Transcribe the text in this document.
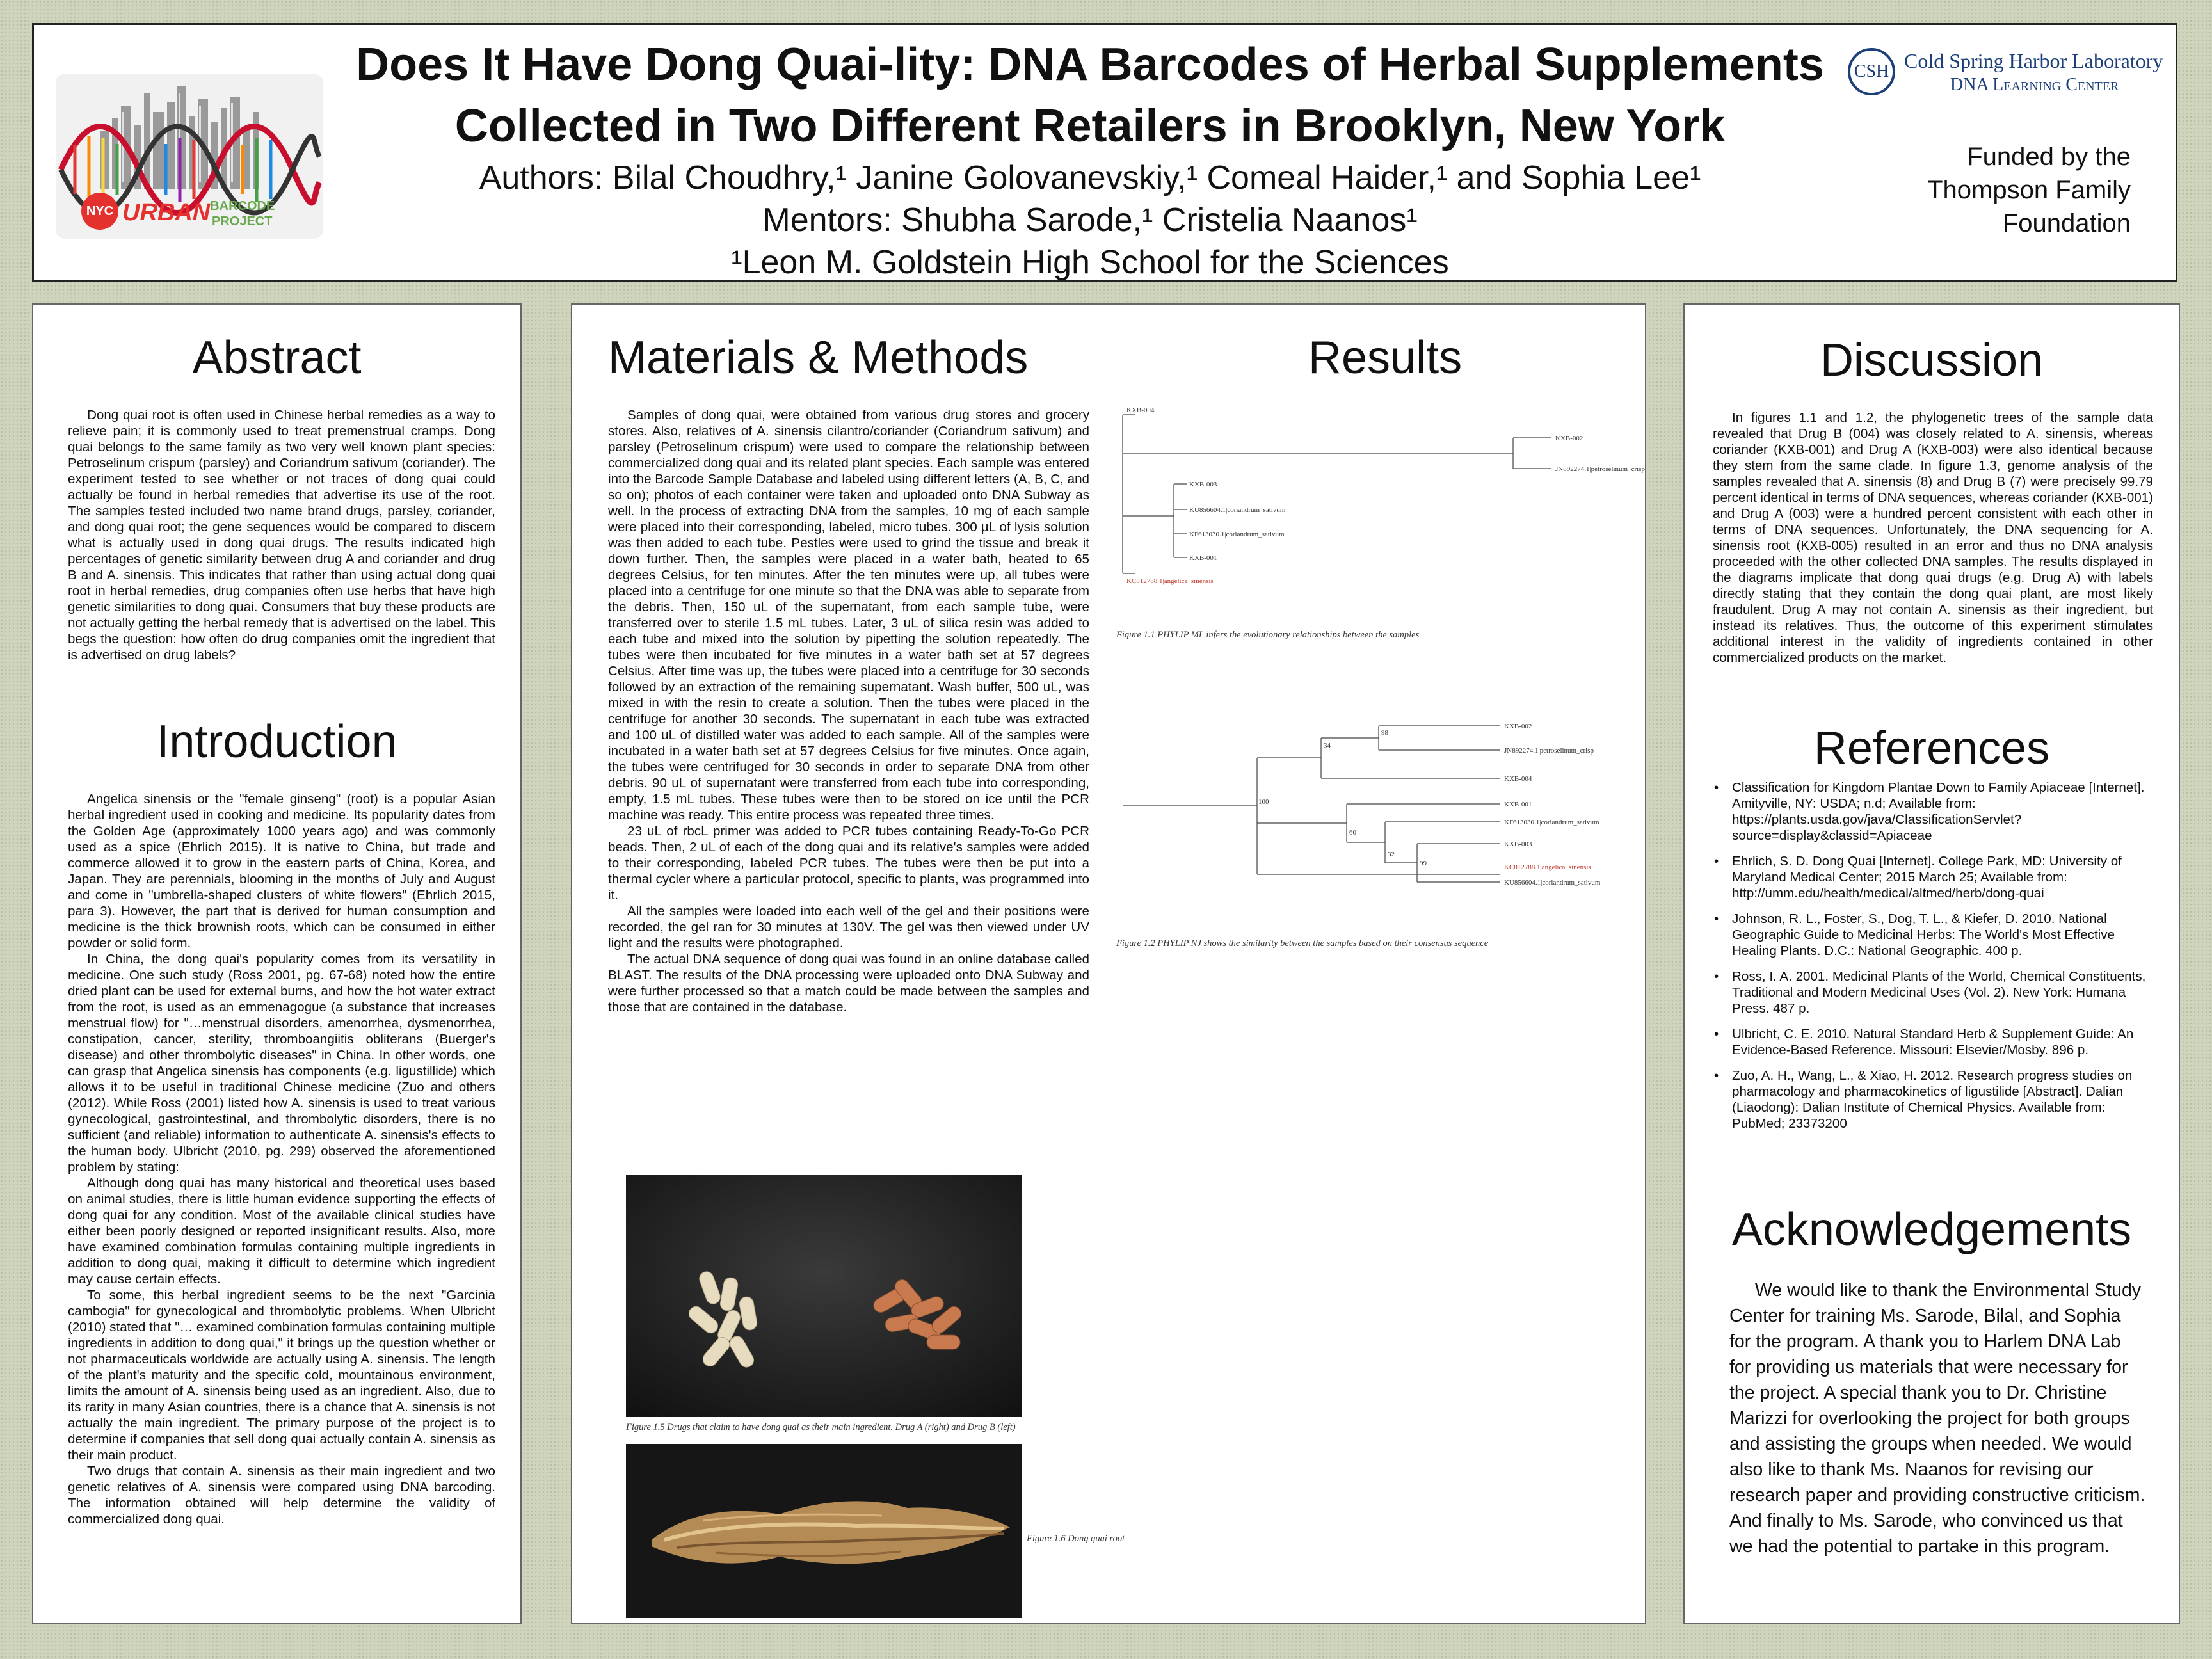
NYC URBANBARCODE
PROJECT
Does It Have Dong Quai-lity: DNA Barcodes of Herbal Supplements
Collected in Two Different Retailers in Brooklyn, New York
Authors: Bilal Choudhry,¹ Janine Golovanevskiy,¹ Comeal Haider,¹ and Sophia Lee¹
Mentors: Shubha Sarode,¹ Cristelia Naanos¹
¹Leon M. Goldstein High School for the Sciences
CSH Cold Spring Harbor Laboratory
DNA Learning Center
Funded by the
Thompson Family
Foundation
Abstract

Dong quai root is often used in Chinese herbal remedies as a way to relieve pain; it is commonly used to treat premenstrual cramps. Dong quai belongs to the same family as two very well known plant species: Petroselinum crispum (parsley) and Coriandrum sativum (coriander). The experiment tested to see whether or not traces of dong quai could actually be found in herbal remedies that advertise its use of the root. The samples tested included two name brand drugs, parsley, coriander, and dong quai root; the gene sequences would be compared to discern what is actually used in dong quai drugs. The results indicated high percentages of genetic similarity between drug A and coriander and drug B and A. sinensis. This indicates that rather than using actual dong quai root in herbal remedies, drug companies often use herbs that have high genetic similarities to dong quai. Consumers that buy these products are not actually getting the herbal remedy that is advertised on the label. This begs the question: how often do drug companies omit the ingredient that is advertised on drug labels?

Introduction

Angelica sinensis or the "female ginseng" (root) is a popular Asian herbal ingredient used in cooking and medicine. Its popularity dates from the Golden Age (approximately 1000 years ago) and was commonly used as a spice (Ehrlich 2015). It is native to China, but trade and commerce allowed it to grow in the eastern parts of China, Korea, and Japan. They are perennials, blooming in the months of July and August and come in "umbrella-shaped clusters of white flowers" (Ehrlich 2015, para 3). However, the part that is derived for human consumption and medicine is the thick brownish roots, which can be consumed in either powder or solid form.

In China, the dong quai's popularity comes from its versatility in medicine. One such study (Ross 2001, pg. 67-68) noted how the entire dried plant can be used for external burns, and how the hot water extract from the root, is used as an emmenagogue (a substance that increases menstrual flow) for "…menstrual disorders, amenorrhea, dysmenorrhea, constipation, cancer, sterility, thromboangiitis obliterans (Buerger's disease) and other thrombolytic diseases" in China. In other words, one can grasp that Angelica sinensis has components (e.g. ligustillide) which allows it to be useful in traditional Chinese medicine (Zuo and others (2012). While Ross (2001) listed how A. sinensis is used to treat various gynecological, gastrointestinal, and thrombolytic disorders, there is no sufficient (and reliable) information to authenticate A. sinensis's effects to the human body. Ulbricht (2010, pg. 299) observed the aforementioned problem by stating:

Although dong quai has many historical and theoretical uses based on animal studies, there is little human evidence supporting the effects of dong quai for any condition. Most of the available clinical studies have either been poorly designed or reported insignificant results. Also, more have examined combination formulas containing multiple ingredients in addition to dong quai, making it difficult to determine which ingredient may cause certain effects.

To some, this herbal ingredient seems to be the next "Garcinia cambogia" for gynecological and thrombolytic problems. When Ulbricht (2010) stated that "… examined combination formulas containing multiple ingredients in addition to dong quai," it brings up the question whether or not pharmaceuticals worldwide are actually using A. sinensis. The length of the plant's maturity and the specific cold, mountainous environment, limits the amount of A. sinensis being used as an ingredient. Also, due to its rarity in many Asian countries, there is a chance that A. sinensis is not actually the main ingredient. The primary purpose of the project is to determine if companies that sell dong quai actually contain A. sinensis as their main product.

Two drugs that contain A. sinensis as their main ingredient and two genetic relatives of A. sinensis were compared using DNA barcoding. The information obtained will help determine the validity of commercialized dong quai.

Materials & Methods

Samples of dong quai, were obtained from various drug stores and grocery stores. Also, relatives of A. sinensis cilantro/coriander (Coriandrum sativum) and parsley (Petroselinum crispum) were used to compare the relationship between commercialized dong quai and its related plant species. Each sample was entered into the Barcode Sample Database and labeled using different letters (A, B, C, and so on); photos of each container were taken and uploaded onto DNA Subway as well. In the process of extracting DNA from the samples, 10 mg of each sample were placed into their corresponding, labeled, micro tubes. 300 µL of lysis solution was then added to each tube. Pestles were used to grind the tissue and break it down further. Then, the samples were placed in a water bath, heated to 65 degrees Celsius, for ten minutes. After the ten minutes were up, all tubes were placed into a centrifuge for one minute so that the DNA was able to separate from the debris. Then, 150 uL of the supernatant, from each sample tube, were transferred over to sterile 1.5 mL tubes. Later, 3 uL of silica resin was added to each tube and mixed into the solution by pipetting the solution repeatedly. The tubes were then incubated for five minutes in a water bath set at 57 degrees Celsius. After time was up, the tubes were placed into a centrifuge for 30 seconds followed by an extraction of the remaining supernatant. Wash buffer, 500 uL, was mixed in with the resin to create a solution. Then the tubes were placed in the centrifuge for another 30 seconds. The supernatant in each tube was extracted and 100 uL of distilled water was added to each sample. All of the samples were incubated in a water bath set at 57 degrees Celsius for five minutes. Once again, the tubes were centrifuged for 30 seconds in order to separate DNA from other debris. 90 uL of supernatant were transferred from each tube into corresponding, empty, 1.5 mL tubes. These tubes were then to be stored on ice until the PCR machine was ready. This entire process was repeated three times.

23 uL of rbcL primer was added to PCR tubes containing Ready-To-Go PCR beads. Then, 2 uL of each of the dong quai and its relative's samples were added to their corresponding, labeled PCR tubes. The tubes were then be put into a thermal cycler where a particular protocol, specific to plants, was programmed into it.

All the samples were loaded into each well of the gel and their positions were recorded, the gel ran for 30 minutes at 130V. The gel was then viewed under UV light and the results were photographed.

The actual DNA sequence of dong quai was found in an online database called BLAST. The results of the DNA processing were uploaded onto DNA Subway and were further processed so that a match could be made between the samples and those that are contained in the database.

Results
KXB-004
KXB-002
JN892274.1|petroselinum_crisp
KXB-003
KU856604.1|coriandrum_sativum
KF613030.1|coriandrum_sativum
KXB-001
KC812788.1|angelica_sinensis
Figure 1.1 PHYLIP ML infers the evolutionary relationships between the samples
KXB-002
JN892274.1|petroselinum_crisp
KXB-004
KXB-001
KF613030.1|coriandrum_sativum
KXB-003
KU856604.1|coriandrum_sativum
KC812788.1|angelica_sinensis
98
34
100
60
32
99
Figure 1.2 PHYLIP NJ shows the similarity between the samples based on their consensus sequence
Figure 1.5 Drugs that claim to have dong quai as their main ingredient. Drug A (right) and Drug B (left)
Figure 1.6 Dong quai root
Discussion

In figures 1.1 and 1.2, the phylogenetic trees of the sample data revealed that Drug B (004) was closely related to A. sinensis, whereas coriander (KXB-001) and Drug A (KXB-003) were also identical because they stem from the same clade. In figure 1.3, genome analysis of the samples revealed that A. sinensis (8) and Drug B (7) were precisely 99.79 percent identical in terms of DNA sequences, whereas coriander (KXB-001) and Drug A (003) were a hundred percent consistent with each other in terms of DNA sequences. Unfortunately, the DNA sequencing for A. sinensis root (KXB-005) resulted in an error and thus no DNA analysis proceeded with the other collected DNA samples. The results displayed in the diagrams implicate that dong quai drugs (e.g. Drug A) with labels directly stating that they contain the dong quai plant, are most likely fraudulent. Drug A may not contain A. sinensis as their ingredient, but instead its relatives. Thus, the outcome of this experiment stimulates additional interest in the validity of ingredients contained in other commercialized products on the market.

References
• Classification for Kingdom Plantae Down to Family Apiaceae [Internet]. Amityville, NY: USDA; n.d; Available from: https://plants.usda.gov/java/ClassificationServlet?source=display&classid=Apiaceae
• Ehrlich, S. D. Dong Quai [Internet]. College Park, MD: University of Maryland Medical Center; 2015 March 25; Available from: http://umm.edu/health/medical/altmed/herb/dong-quai
• Johnson, R. L., Foster, S., Dog, T. L., & Kiefer, D. 2010. National Geographic Guide to Medicinal Herbs: The World's Most Effective Healing Plants. D.C.: National Geographic. 400 p.
• Ross, I. A. 2001. Medicinal Plants of the World, Chemical Constituents, Traditional and Modern Medicinal Uses (Vol. 2). New York: Humana Press. 487 p.
• Ulbricht, C. E. 2010. Natural Standard Herb & Supplement Guide: An Evidence-Based Reference. Missouri: Elsevier/Mosby. 896 p.
• Zuo, A. H., Wang, L., & Xiao, H. 2012. Research progress studies on pharmacology and pharmacokinetics of ligustilide [Abstract]. Dalian (Liaodong): Dalian Institute of Chemical Physics. Available from: PubMed; 23373200
Acknowledgements

We would like to thank the Environmental Study Center for training Ms. Sarode, Bilal, and Sophia for the program. A thank you to Harlem DNA Lab for providing us materials that were necessary for the project. A special thank you to Dr. Christine Marizzi for overlooking the project for both groups and assisting the groups when needed. We would also like to thank Ms. Naanos for revising our research paper and providing constructive criticism. And finally to Ms. Sarode, who convinced us that we had the potential to partake in this program.
